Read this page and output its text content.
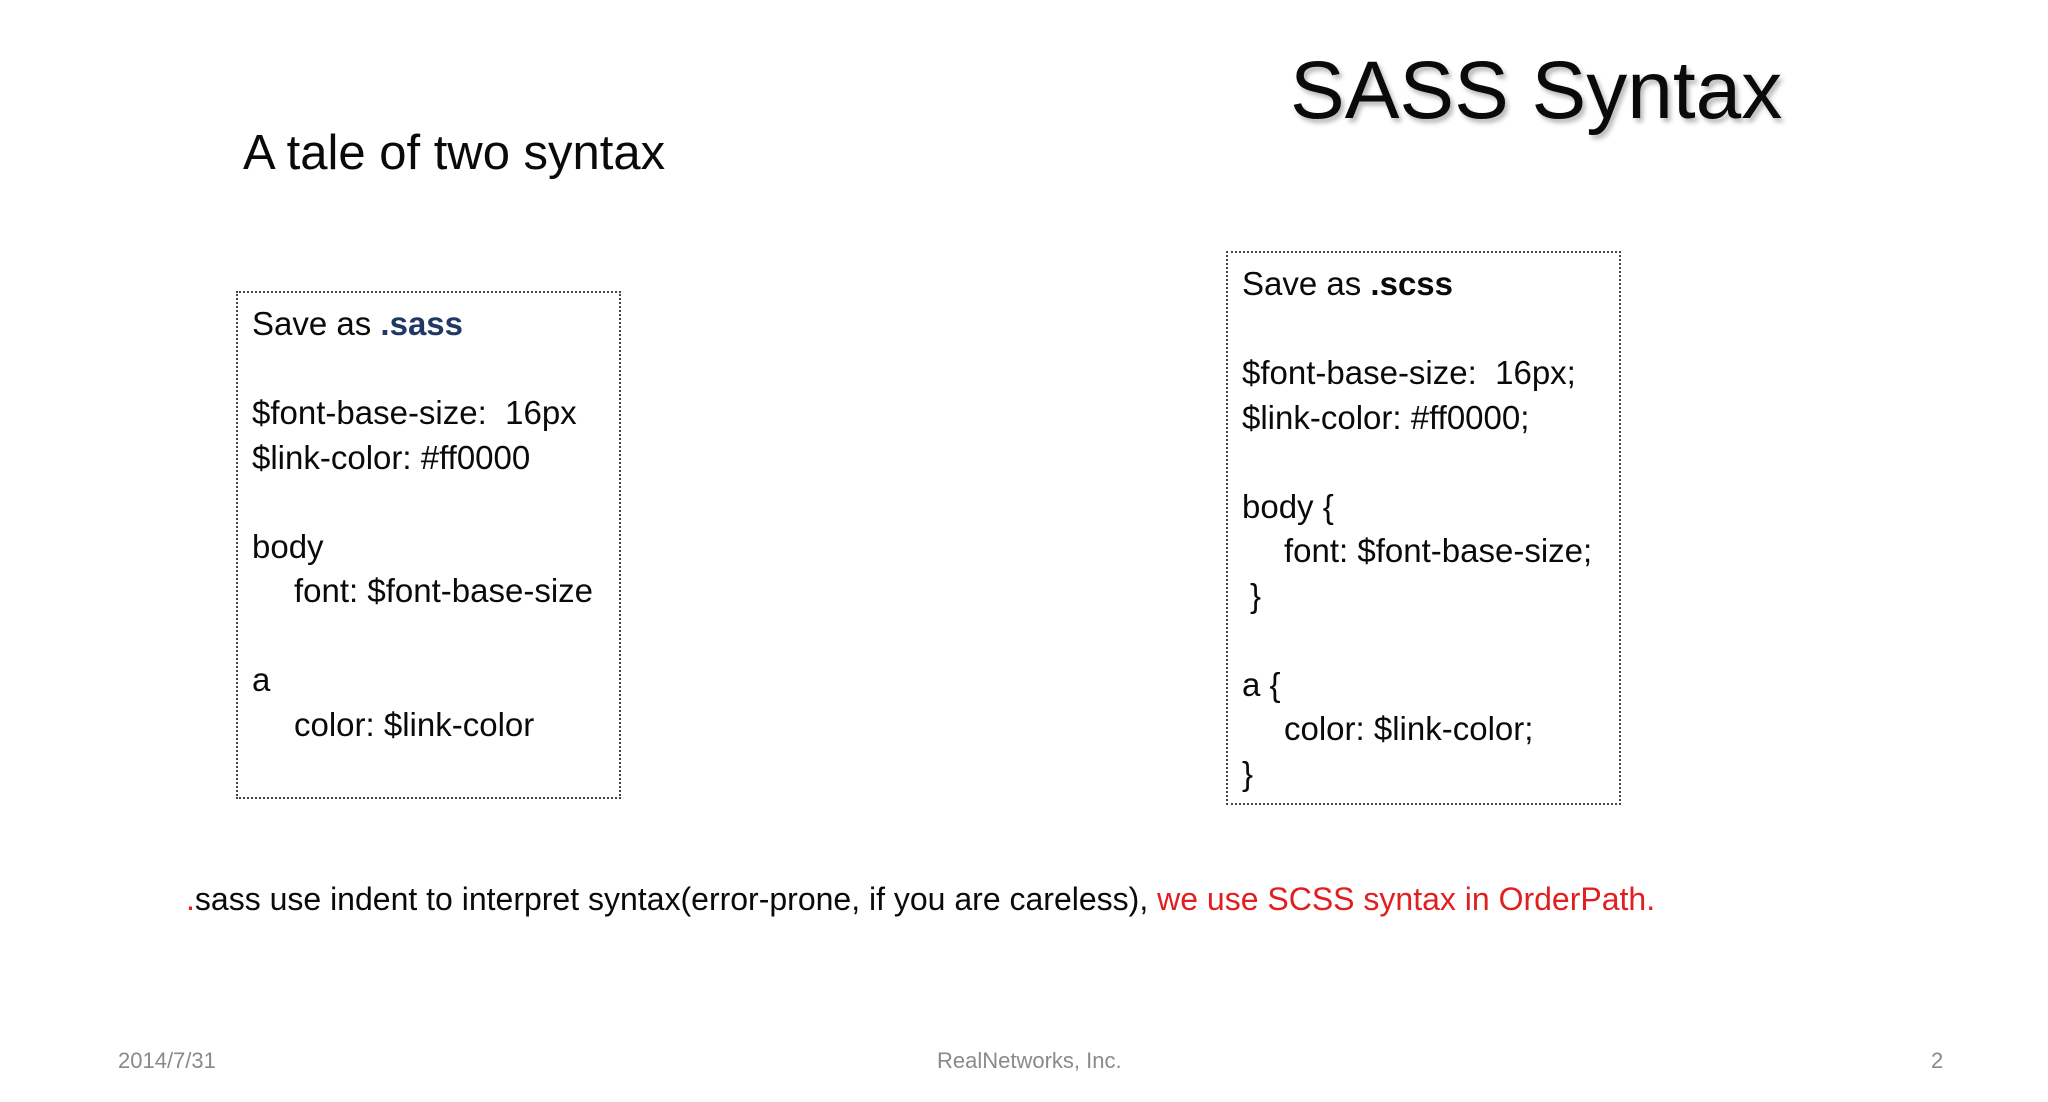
SASS Syntax
A tale of two syntax
Save as .sass
$font-base-size:  16px
$link-color: #ff0000
body
font: $font-base-size
a
color: $link-color
Save as .scss
$font-base-size:  16px;
$link-color: #ff0000;
body {
font: $font-base-size;
}
a {
color: $link-color;
}
.sass use indent to interpret syntax(error-prone, if you are careless), we use SCSS syntax in OrderPath.
2014/7/31	RealNetworks, Inc.	2
